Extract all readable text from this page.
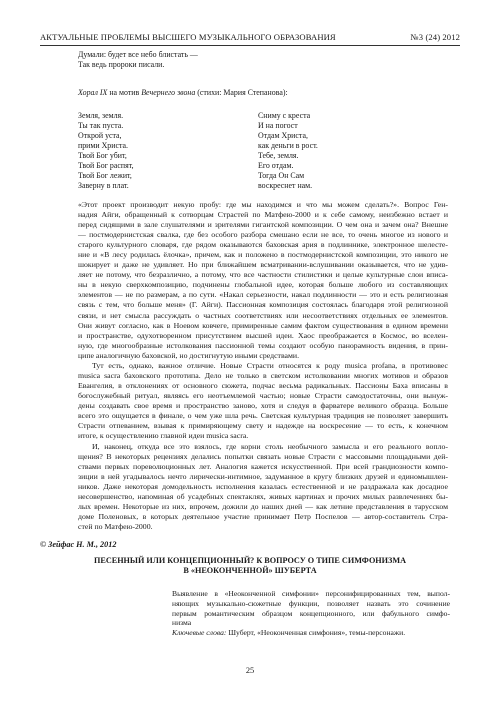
АКТУАЛЬНЫЕ ПРОБЛЕМЫ ВЫСШЕГО МУЗЫКАЛЬНОГО ОБРАЗОВАНИЯ	№3 (24) 2012
Думали: будет все небо блистать —
Так ведь пророки писали.
Хорал IX на мотив Вечернего звона (стихи: Мария Степанова):
Земля, земля.
Ты так пуста.
Открой уста,
прими Христа.
Твой Бог убит,
Твой Бог распят,
Твой Бог лежит,
Заверну в плат.
Сниму с креста
И на погост
Отдам Христа,
как деньги в рост.
Тебе, земля.
Его отдам.
Тогда Он Сам
воскреснет нам.
«Этот проект производит некую пробу: где мы находимся и что мы можем сделать?». Вопрос Ген-
надия Айги, обращенный к сотворцам Страстей по Матфею-2000 и к себе самому, неизбежно встает и
перед сидящими в зале слушателями и зрителями гигантской композиции. О чем она и зачем она? Внешне
— постмодернистская свалка, где без особого разбора смешано если не все, то очень многое из нового и
старого культурного словаря, где рядом оказываются баховская ария в подлиннике, электронное шелесте-
ние и «В лесу родилась ёлочка», причем, как и положено в постмодернистской композиции, это никого не
шокирует и даже не удивляет. Но при ближайшем всматривании-вслушивании оказывается, что не удив-
ляет не потому, что безразлично, а потому, что все частности стилистики и целые культурные слои вписа-
ны в некую сверхкомпозицию, подчинены глобальной идее, которая больше любого из составляющих
элементов — не по размерам, а по сути. «Накал серьезности, накал подлинности — это и есть религиозная
связь с тем, что больше меня» (Г. Айги). Пассионная композиция состоялась благодаря этой религиозной
связи, и нет смысла рассуждать о частных соответствиях или несоответствиях отдельных ее элементов.
Они живут согласно, как в Ноевом ковчеге, примиренные самим фактом существования в едином времени
и пространстве, одухотворенном присутствием высшей идеи. Хаос преображается в Космос, во вселен-
ную, где многообразные истолкования пассионной темы создают особую панорамность видения, в прин-
ципе аналогичную баховской, но достигнутую иными средствами.
Тут есть, однако, важное отличие. Новые Страсти относятся к роду musica profana, в противовес
musica sacra баховского прототипа. Дело не только в светском истолковании многих мотивов и образов
Евангелия, в отклонениях от основного сюжета, подчас весьма радикальных. Пассионы Баха вписаны в
богослужебный ритуал, являясь его неотъемлемой частью; новые Страсти самодостаточны, они вынуж-
дены создавать свое время и пространство заново, хотя и следуя в фарватере великого образца. Больше
всего это ощущается в финале, о чем уже шла речь. Светская культурная традиция не позволяет завершить
Страсти отпеванием, взывая к примиряющему свету и надежде на воскресение — то есть, к конечном
итоге, к осуществлению главной идеи musica sacra.
И, наконец, откуда все это взялось, где корни столь необычного замысла и его реального вопло-
щения? В некоторых рецензиях делались попытки связать новые Страсти с массовыми площадными дей-
ствами первых пореволюционных лет. Аналогия кажется искусственной. При всей грандиозности компо-
зиции в ней угадывалось нечто лирически-интимное, задуманное в кругу близких друзей и единомышлен-
ников. Даже некоторая домодельность исполнения казалась естественной и не раздражала как досадное
несовершенство, напоминая об усадебных спектаклях, живых картинах и прочих милых развлечениях бы-
лых времен. Некоторые из них, впрочем, дожили до наших дней — как летние представления в тарусском
доме Поленовых, в которых деятельное участие принимает Петр Поспелов — автор-составитель Стра-
стей по Матфею-2000.
© Зейфас Н. М., 2012
ПЕСЕННЫЙ ИЛИ КОНЦЕПЦИОННЫЙ? К ВОПРОСУ О ТИПЕ СИМФОНИЗМА
В «НЕОКОНЧЕННОЙ» ШУБЕРТА
Выявление в «Неоконченной симфонии» персонифицированных тем, выпол-
няющих музыкально-сюжетные функции, позволяет назвать это сочинение
первым романтическим образцом концепционного, или фабульного симфо-
низма
Ключевые слова: Шуберт, «Неоконченная симфония», темы-персонажи.
25
